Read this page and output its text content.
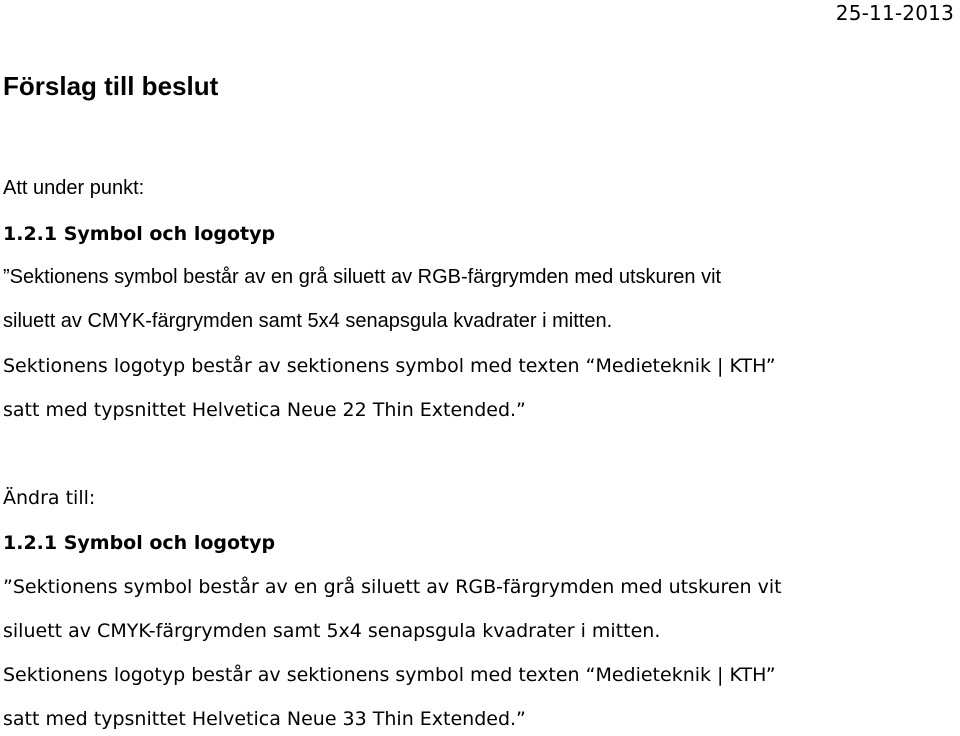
25-11-2013
Förslag till beslut

Att under punkt:

1.2.1 Symbol och logotyp

”Sektionens symbol består av en grå siluett av RGB-färgrymden med utskuren vit

siluett av CMYK-färgrymden samt 5x4 senapsgula kvadrater i mitten.

Sektionens logotyp består av sektionens symbol med texten “Medieteknik | KTH”

satt med typsnittet Helvetica Neue 22 Thin Extended.”

Ändra till:

1.2.1 Symbol och logotyp

”Sektionens symbol består av en grå siluett av RGB-färgrymden med utskuren vit

siluett av CMYK-färgrymden samt 5x4 senapsgula kvadrater i mitten.

Sektionens logotyp består av sektionens symbol med texten “Medieteknik | KTH”

satt med typsnittet Helvetica Neue 33 Thin Extended.”
